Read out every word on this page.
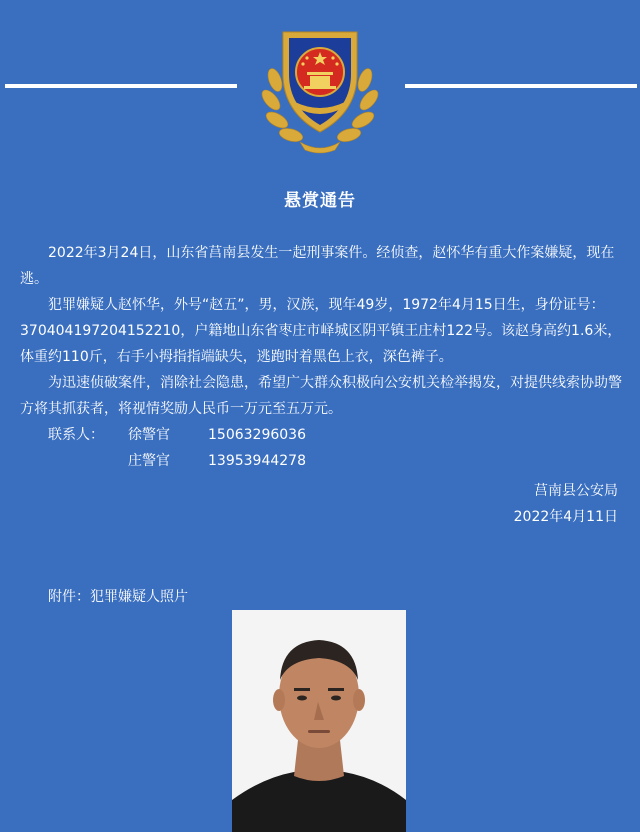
悬赏通告

2022年3月24日，山东省莒南县发生一起刑事案件。经侦查，赵怀华有重大作案嫌疑，现在逃。

犯罪嫌疑人赵怀华，外号“赵五”，男，汉族，现年49岁，1972年4月15日生，身份证号：370404197204152210，户籍地山东省枣庄市峄城区阴平镇王庄村122号。该赵身高约1.6米，体重约110斤，右手小拇指指端缺失，逃跑时着黑色上衣，深色裤子。

为迅速侦破案件，消除社会隐患，希望广大群众积极向公安机关检举揭发，对提供线索协助警方将其抓获者，将视情奖励人民币一万元至五万元。

联系人： 徐警官	15063296036

庄警官	13953944278

莒南县公安局

2022年4月11日

附件：犯罪嫌疑人照片
